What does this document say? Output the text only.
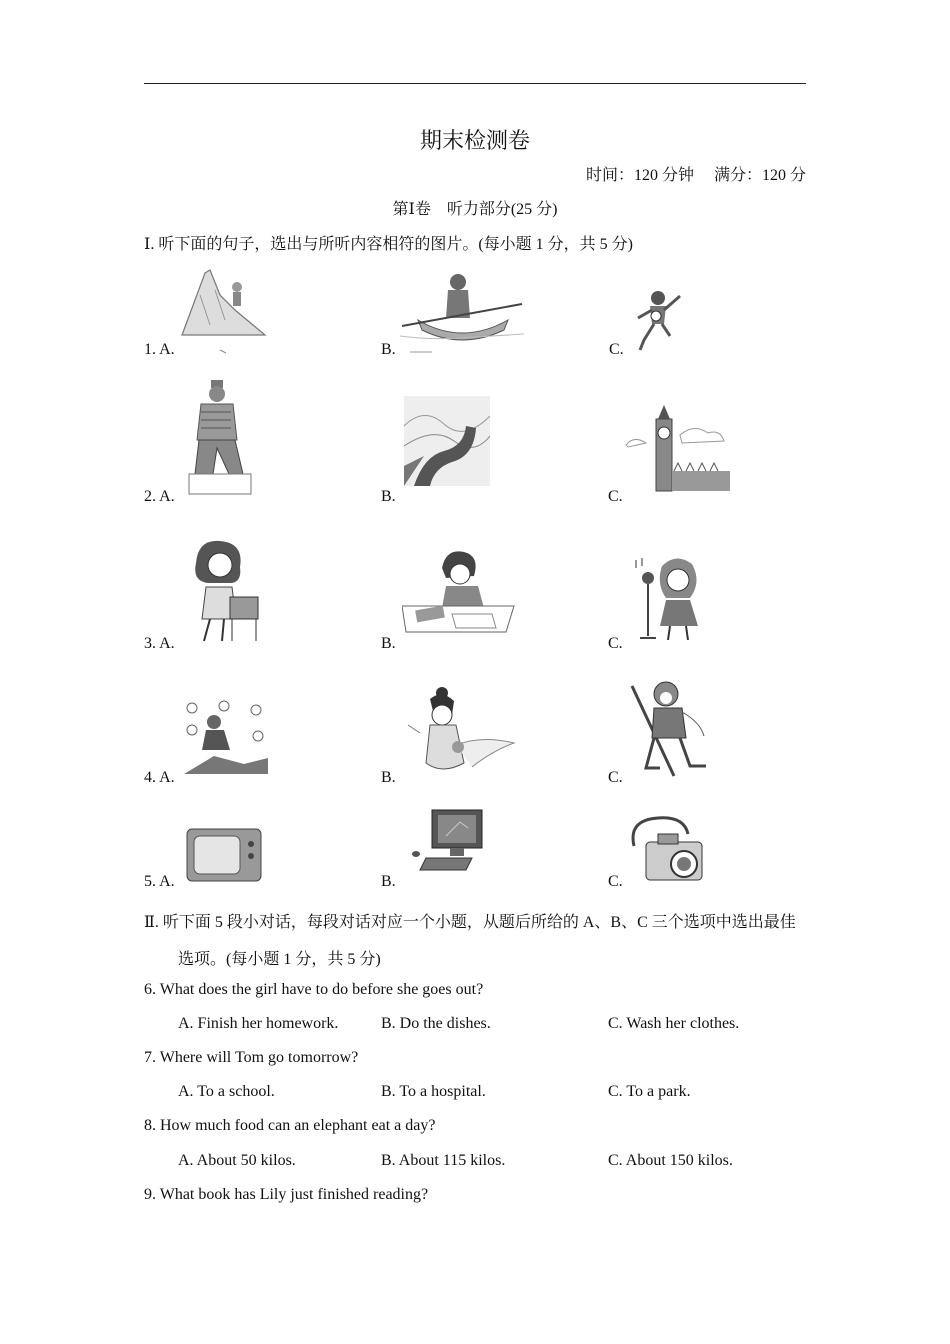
期末检测卷
时间：120 分钟　 满分：120 分
第Ⅰ卷　听力部分(25 分)
Ⅰ. 听下面的句子，选出与所听内容相符的图片。(每小题 1 分，共 5 分)
1. A.	B.	C.
2. A.	B.	C.
3. A.	B.	C.
4. A.	B.	C.
5. A.	B.	C.
Ⅱ. 听下面 5 段小对话，每段对话对应一个小题，从题后所给的 A、B、C 三个选项中选出最佳
选项。(每小题 1 分，共 5 分)
6. What does the girl have to do before she goes out?
A. Finish her homework.	B. Do the dishes.	C. Wash her clothes.
7. Where will Tom go tomorrow?
A. To a school.	B. To a hospital.	C. To a park.
8. How much food can an elephant eat a day?
A. About 50 kilos.	B. About 115 kilos.	C. About 150 kilos.
9. What book has Lily just finished reading?
